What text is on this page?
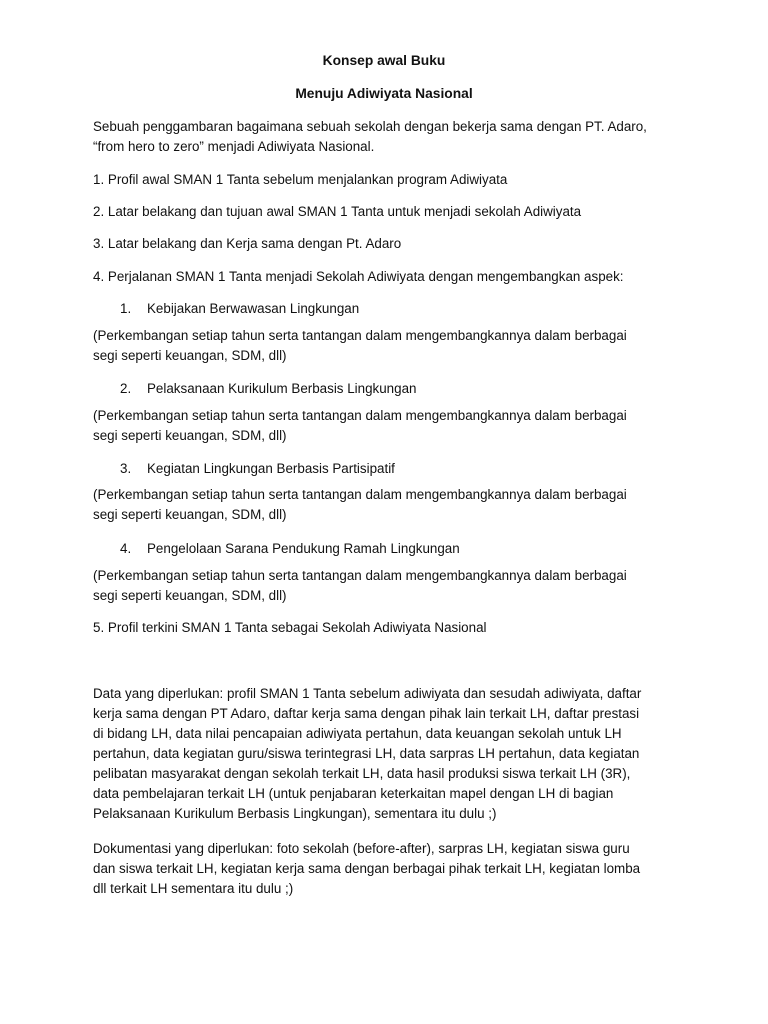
Konsep awal Buku
Menuju Adiwiyata Nasional
Sebuah penggambaran bagaimana sebuah sekolah dengan bekerja sama dengan PT. Adaro,
“from hero to zero” menjadi Adiwiyata Nasional.
1. Profil awal SMAN 1 Tanta sebelum menjalankan program Adiwiyata
2. Latar belakang dan tujuan awal SMAN 1 Tanta untuk menjadi sekolah Adiwiyata
3. Latar belakang dan Kerja sama dengan Pt. Adaro
4. Perjalanan SMAN 1 Tanta menjadi Sekolah Adiwiyata dengan mengembangkan aspek:
1. Kebijakan Berwawasan Lingkungan
(Perkembangan setiap tahun serta tantangan dalam mengembangkannya dalam berbagai
segi seperti keuangan, SDM, dll)
2. Pelaksanaan Kurikulum Berbasis Lingkungan
(Perkembangan setiap tahun serta tantangan dalam mengembangkannya dalam berbagai
segi seperti keuangan, SDM, dll)
3. Kegiatan Lingkungan Berbasis Partisipatif
(Perkembangan setiap tahun serta tantangan dalam mengembangkannya dalam berbagai
segi seperti keuangan, SDM, dll)
4. Pengelolaan Sarana Pendukung Ramah Lingkungan
(Perkembangan setiap tahun serta tantangan dalam mengembangkannya dalam berbagai
segi seperti keuangan, SDM, dll)
5. Profil terkini SMAN 1 Tanta sebagai Sekolah Adiwiyata Nasional
Data yang diperlukan: profil SMAN 1 Tanta sebelum adiwiyata dan sesudah adiwiyata, daftar
kerja sama dengan PT Adaro, daftar kerja sama dengan pihak lain terkait LH, daftar prestasi
di bidang LH, data nilai pencapaian adiwiyata pertahun, data keuangan sekolah untuk LH
pertahun, data kegiatan guru/siswa terintegrasi LH, data sarpras LH pertahun, data kegiatan
pelibatan masyarakat dengan sekolah terkait LH, data hasil produksi siswa terkait LH (3R),
data pembelajaran terkait LH (untuk penjabaran keterkaitan mapel dengan LH di bagian
Pelaksanaan Kurikulum Berbasis Lingkungan), sementara itu dulu ;)
Dokumentasi yang diperlukan: foto sekolah (before-after), sarpras LH, kegiatan siswa guru
dan siswa terkait LH, kegiatan kerja sama dengan berbagai pihak terkait LH, kegiatan lomba
dll terkait LH sementara itu dulu ;)
